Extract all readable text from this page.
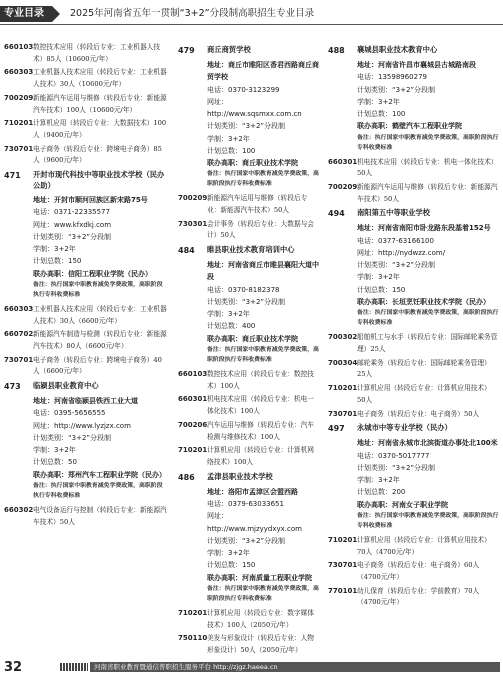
专业目录	2025年河南省五年一贯制“3+2”分段制高职招生专业目录
660103 数控技术应用（转段后专业：工业机器人技术）85人（10600元/年）
660303 工业机器人技术应用（转段后专业：工业机器人技术）30人（10600元/年）
700209 新能源汽车运用与维修（转段后专业：新能源汽车技术）100人（10600元/年）
710201 计算机应用（转段后专业：大数据技术）100人（9400元/年）
730701 电子商务（转段后专业：跨境电子商务）85人（9600元/年）
471	开封市现代科技中等职业技术学校（民办公助）
地址：开封市顺河回族区新宋路75号
电话：0371-22335577
网址：www.kfxdkj.com
计划类别：“3+2”分段制
学制：3+2年
计划总数：150
联办高职：信阳工程职业学院（民办）
备注：执行国家中职教育减免学费政策，高职阶段执行专科收费标准
660303 工业机器人技术应用（转段后专业：工业机器人技术）30人（6600元/年）
660702 新能源汽车制造与检测（转段后专业：新能源汽车技术）80人（6600元/年）
730701 电子商务（转段后专业：跨境电子商务）40人（6600元/年）
473	临颍县职业教育中心
地址：河南省临颍县铁西工业大道
电话：0395-5656555
网址：http://www.lyzjzx.com
计划类别：“3+2”分段制
学制：3+2年
计划总数：50
联办高职：郑州汽车工程职业学院（民办）
备注：执行国家中职教育减免学费政策，高职阶段执行专科收费标准
660302 电气设备运行与控制（转段后专业：新能源汽车技术）50人
479	商丘商贸学校
地址：商丘市睢阳区香君西路商丘商贸学校
电话：0370-3123299
网址：http://www.sqsmxx.com.cn
计划类别：“3+2”分段制
学制：3+2年
计划总数：100
联办高职：商丘职业技术学院
备注：执行国家中职教育减免学费政策，高职阶段执行专科收费标准
700209 新能源汽车运用与维修（转段后专业：新能源汽车技术）50人
730301 会计事务（转段后专业：大数据与会计）50人
484	睢县职业技术教育培训中心
地址：河南省商丘市睢县襄阳大道中段
电话：0370-8182378
计划类别：“3+2”分段制
学制：3+2年
计划总数：400
联办高职：商丘职业技术学院
备注：执行国家中职教育减免学费政策，高职阶段执行专科收费标准
660103 数控技术应用（转段后专业：数控技术）100人
660301 机电技术应用（转段后专业：机电一体化技术）100人
700206 汽车运用与维修（转段后专业：汽车检测与维修技术）100人
710201 计算机应用（转段后专业：计算机网络技术）100人
486	孟津县职业技术学校
地址：洛阳市孟津区会盟西路
电话：0379-63033651
网址：http://www.mjzyydxyx.com
计划类别：“3+2”分段制
学制：3+2年
计划总数：150
联办高职：河南质量工程职业学院
备注：执行国家中职教育减免学费政策，高职阶段执行专科收费标准
710201 计算机应用（转段后专业：数字媒体技术）100人（2050元/年）
750110 美发与形象设计（转段后专业：人物形象设计）50人（2050元/年）
488	襄城县职业技术教育中心
地址：河南省许昌市襄城县古城路南段
电话：13598960279
计划类别：“3+2”分段制
学制：3+2年
计划总数：100
联办高职：鹤壁汽车工程职业学院
备注：执行国家中职教育减免学费政策，高职阶段执行专科收费标准
660301 机电技术应用（转段后专业：机电一体化技术）50人
700209 新能源汽车运用与维修（转段后专业：新能源汽车技术）50人
494	南阳第五中等职业学校
地址：河南省南阳市卧龙路东段基着152号
电话：0377-63166100
网址：http://nydwzz.com/
计划类别：“3+2”分段制
学制：3+2年
计划总数：150
联办高职：长垣烹饪职业技术学院（民办）
备注：执行国家中职教育减免学费政策，高职阶段执行专科收费标准
700302 船舶机工与水手（转段后专业：国际邮轮乘务管理）25人
700304 邮轮乘务（转段后专业：国际邮轮乘务管理）25人
710201 计算机应用（转段后专业：计算机应用技术）50人
730701 电子商务（转段后专业：电子商务）50人
497	永城市中等专业学校（民办）
地址：河南省永城市北滨街道办事处北100米
电话：0370-5017777
计划类别：“3+2”分段制
学制：3+2年
计划总数：200
联办高职：河南女子职业学院
备注：执行国家中职教育减免学费政策，高职阶段执行专科收费标准
710201 计算机应用（转段后专业：计算机应用技术）70人（4700元/年）
730701 电子商务（转段后专业：电子商务）60人（4700元/年）
770101 幼儿保育（转段后专业：学前教育）70人（4700元/年）
32	河南省职业教育暨通信普职招生服务平台 http://zjgz.haeea.cn
